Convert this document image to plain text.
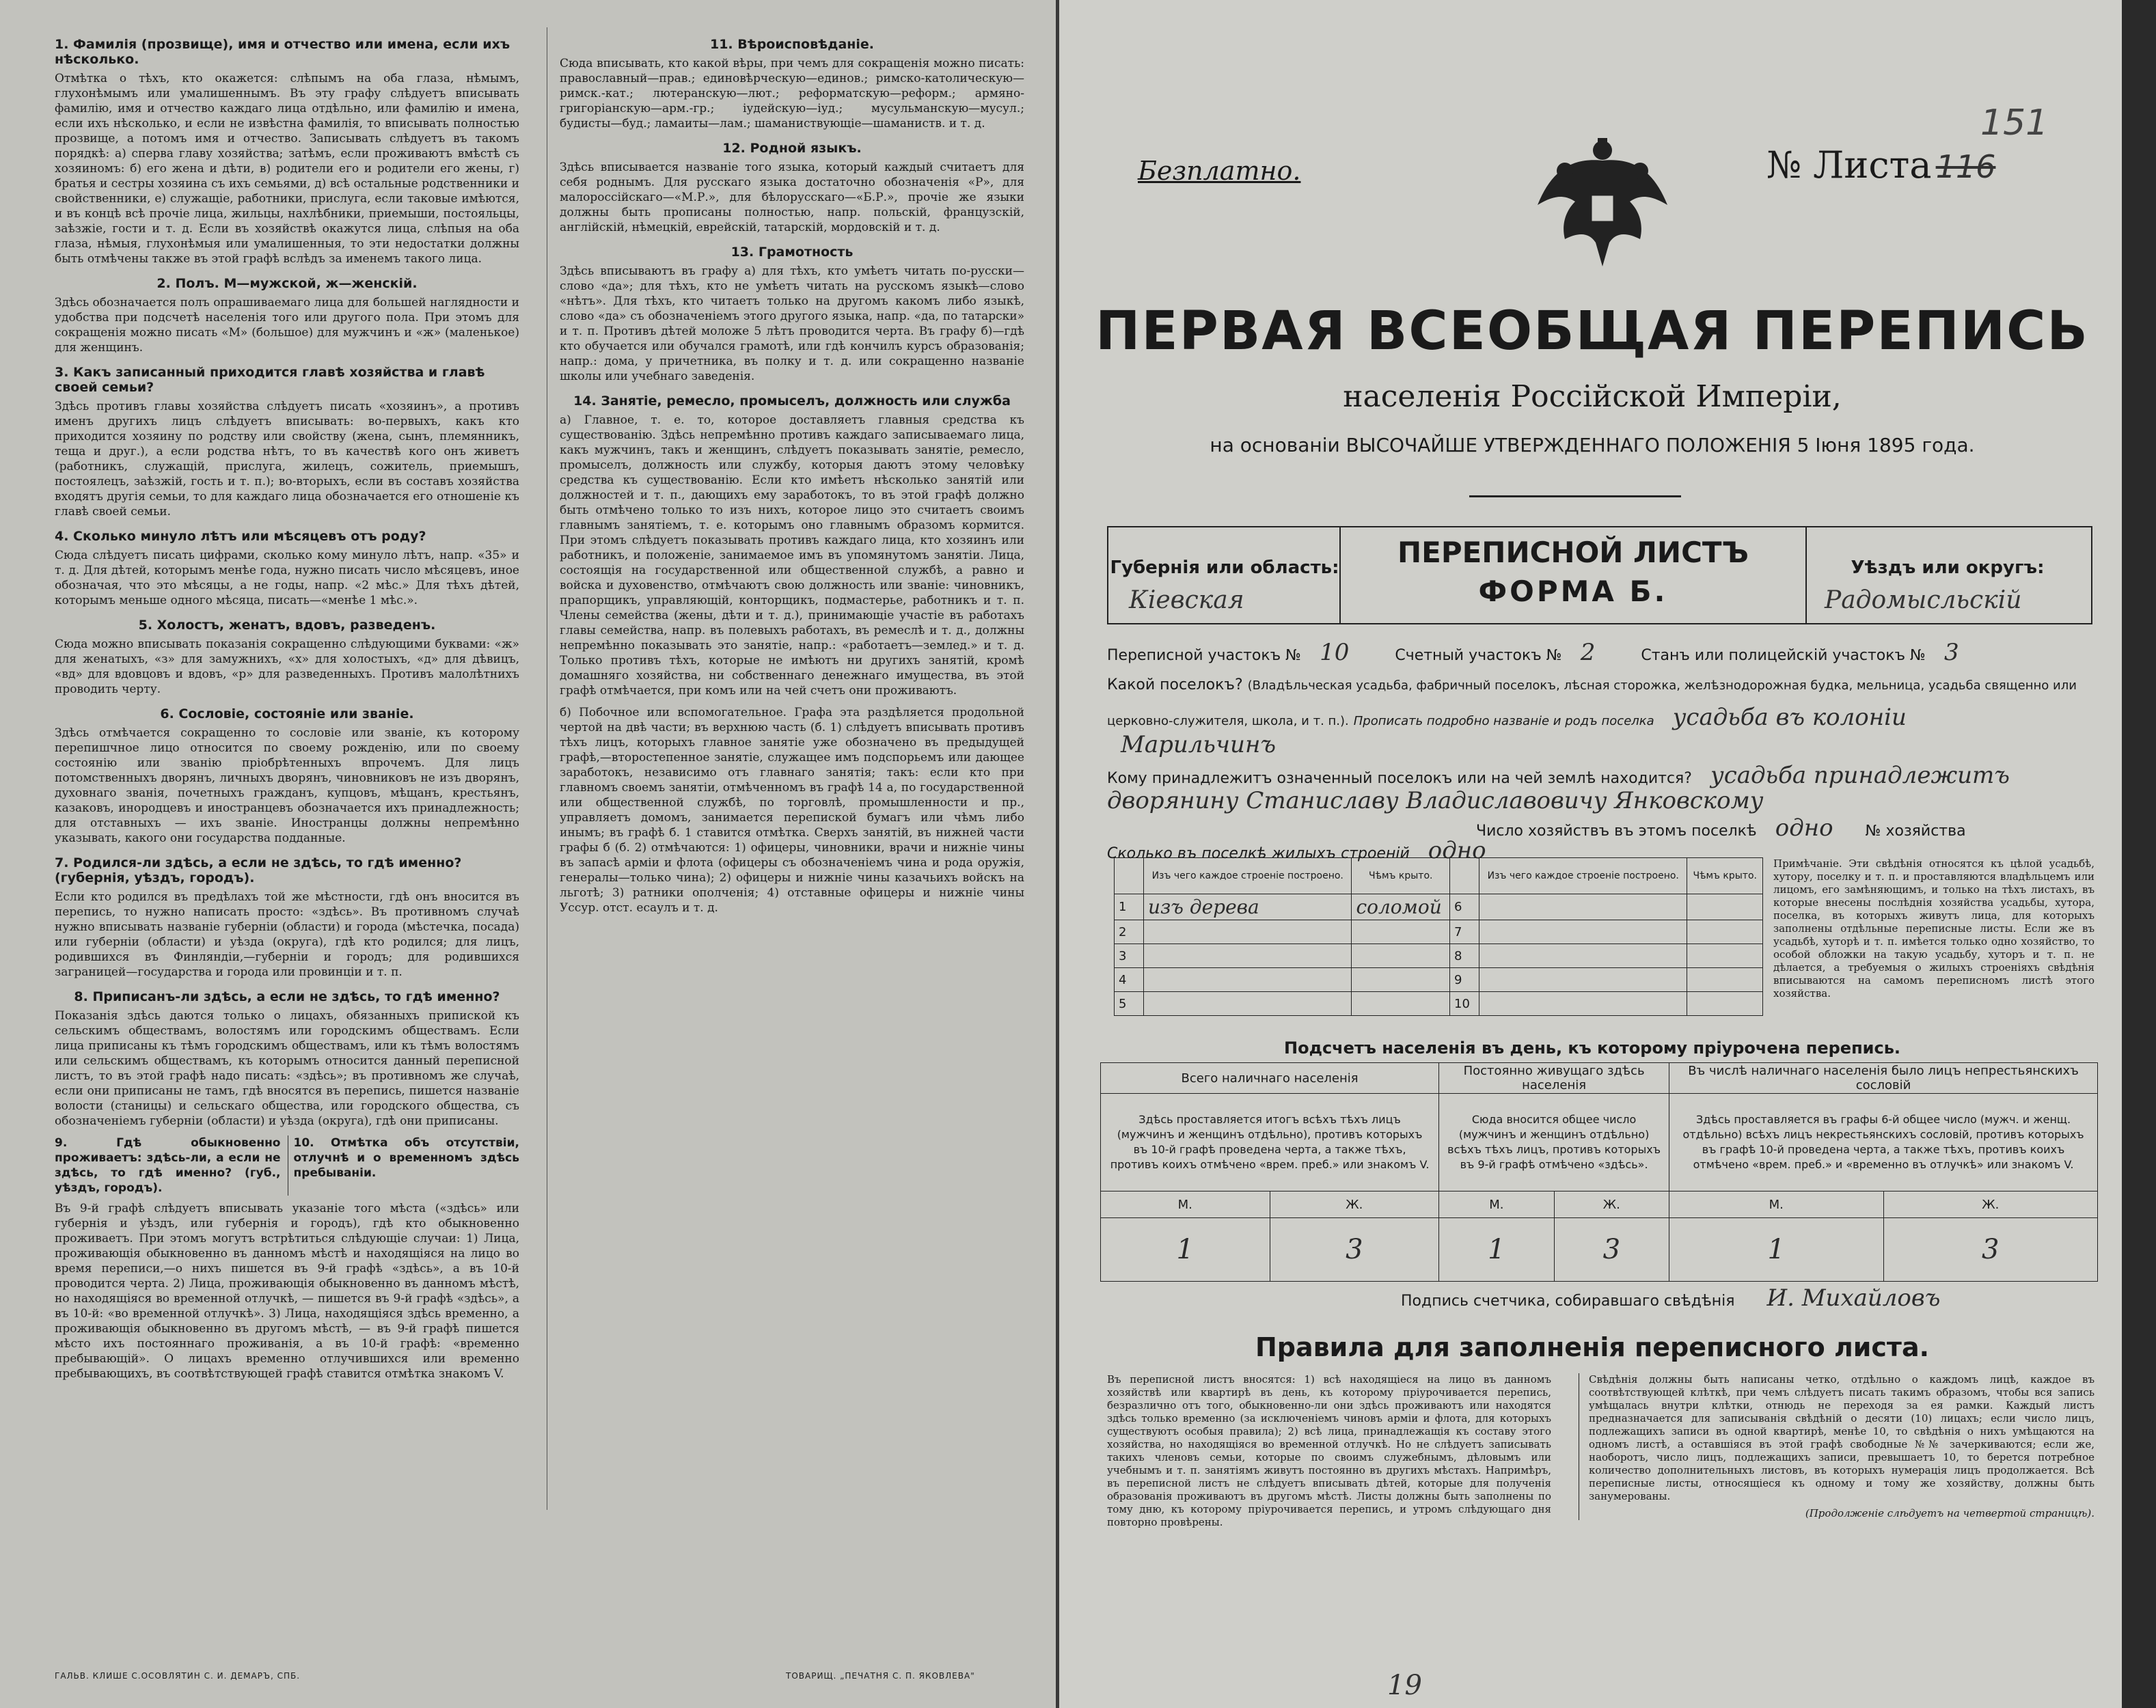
1. Фамилія (прозвище), имя и отчество или имена, если ихъ нѣсколько.

Отмѣтка о тѣхъ, кто окажется: слѣпымъ на оба глаза, нѣмымъ, глухонѣмымъ или умалишеннымъ. Въ эту графу слѣдуетъ вписывать фамилію, имя и отчество каждаго лица отдѣльно, или фамилію и имена, если ихъ нѣсколько, и если не извѣстна фамилія, то вписывать полностью прозвище, а потомъ имя и отчество. Записывать слѣдуетъ въ такомъ порядкѣ: а) сперва главу хозяйства; затѣмъ, если проживаютъ вмѣстѣ съ хозяиномъ: б) его жена и дѣти, в) родители его и родители его жены, г) братья и сестры хозяина съ ихъ семьями, д) всѣ остальные родственники и свойственники, е) служащіе, работники, прислуга, если таковые имѣются, и въ концѣ всѣ прочіе лица, жильцы, нахлѣбники, приемыши, постояльцы, заѣзжіе, гости и т. д. Если въ хозяйствѣ окажутся лица, слѣпыя на оба глаза, нѣмыя, глухонѣмыя или умалишенныя, то эти недостатки должны быть отмѣчены также въ этой графѣ вслѣдъ за именемъ такого лица.

2. Полъ. М—мужской, ж—женскій.

Здѣсь обозначается полъ опрашиваемаго лица для большей наглядности и удобства при подсчетѣ населенія того или другого пола. При этомъ для сокращенія можно писать «М» (большое) для мужчинъ и «ж» (маленькое) для женщинъ.

3. Какъ записанный приходится главѣ хозяйства и главѣ своей семьи?

Здѣсь противъ главы хозяйства слѣдуетъ писать «хозяинъ», а противъ именъ другихъ лицъ слѣдуетъ вписывать: во-первыхъ, какъ кто приходится хозяину по родству или свойству (жена, сынъ, племянникъ, теща и друг.), а если родства нѣтъ, то въ качествѣ кого онъ живетъ (работникъ, служащій, прислуга, жилецъ, сожитель, приемышъ, постоялецъ, заѣзжій, гость и т. п.); во-вторыхъ, если въ составъ хозяйства входятъ другія семьи, то для каждаго лица обозначается его отношеніе къ главѣ своей семьи.

4. Сколько минуло лѣтъ или мѣсяцевъ отъ роду?

Сюда слѣдуетъ писать цифрами, сколько кому минуло лѣтъ, напр. «35» и т. д. Для дѣтей, которымъ менѣе года, нужно писать число мѣсяцевъ, иное обозначая, что это мѣсяцы, а не годы, напр. «2 мѣс.» Для тѣхъ дѣтей, которымъ меньше одного мѣсяца, писать—«менѣе 1 мѣс.».

5. Холостъ, женатъ, вдовъ, разведенъ.

Сюда можно вписывать показанія сокращенно слѣдующими буквами: «ж» для женатыхъ, «з» для замужнихъ, «х» для холостыхъ, «д» для дѣвицъ, «вд» для вдовцовъ и вдовъ, «р» для разведенныхъ. Противъ малолѣтнихъ проводить черту.

6. Сословіе, состояніе или званіе.

Здѣсь отмѣчается сокращенно то сословіе или званіе, къ которому перепишчное лицо относится по своему рожденію, или по своему состоянію или званію пріобрѣтенныхъ впрочемъ. Для лицъ потомственныхъ дворянъ, личныхъ дворянъ, чиновниковъ не изъ дворянъ, духовнаго званія, почетныхъ гражданъ, купцовъ, мѣщанъ, крестьянъ, казаковъ, инородцевъ и иностранцевъ обозначается ихъ принадлежность; для отставныхъ — ихъ званіе. Иностранцы должны непремѣнно указывать, какого они государства подданные.

7. Родился-ли здѣсь, а если не здѣсь, то гдѣ именно? (губернія, уѣздъ, городъ).

Если кто родился въ предѣлахъ той же мѣстности, гдѣ онъ вносится въ перепись, то нужно написать просто: «здѣсь». Въ противномъ случаѣ нужно вписывать названіе губерніи (области) и города (мѣстечка, посада) или губерніи (области) и уѣзда (округа), гдѣ кто родился; для лицъ, родившихся въ Финляндіи,—губерніи и городъ; для родившихся заграницей—государства и города или провинціи и т. п.

8. Приписанъ-ли здѣсь, а если не здѣсь, то гдѣ именно?

Показанія здѣсь даются только о лицахъ, обязанныхъ припиской къ сельскимъ обществамъ, волостямъ или городскимъ обществамъ. Если лица приписаны къ тѣмъ городскимъ обществамъ, или къ тѣмъ волостямъ или сельскимъ обществамъ, къ которымъ относится данный переписной листъ, то въ этой графѣ надо писать: «здѣсь»; въ противномъ же случаѣ, если они приписаны не тамъ, гдѣ вносятся въ перепись, пишется названіе волости (станицы) и сельскаго общества, или городского общества, съ обозначеніемъ губерніи (области) и уѣзда (округа), гдѣ они приписаны.

9. Гдѣ обыкновенно проживаетъ: здѣсь-ли, а если не здѣсь, то гдѣ именно? (губ., уѣздъ, городъ).
10. Отмѣтка объ отсутствіи, отлучнѣ и о временномъ здѣсь пребываніи.

Въ 9-й графѣ слѣдуетъ вписывать указаніе того мѣста («здѣсь» или губернія и уѣздъ, или губернія и городъ), гдѣ кто обыкновенно проживаетъ. При этомъ могутъ встрѣтиться слѣдующіе случаи: 1) Лица, проживающія обыкновенно въ данномъ мѣстѣ и находящіяся на лицо во время переписи,—о нихъ пишется въ 9-й графѣ «здѣсь», а въ 10-й проводится черта. 2) Лица, проживающія обыкновенно въ данномъ мѣстѣ, но находящіяся во временной отлучкѣ, — пишется въ 9-й графѣ «здѣсь», а въ 10-й: «во временной отлучкѣ». 3) Лица, находящіяся здѣсь временно, а проживающія обыкновенно въ другомъ мѣстѣ, — въ 9-й графѣ пишется мѣсто ихъ постояннаго проживанія, а въ 10-й графѣ: «временно пребывающій». О лицахъ временно отлучившихся или временно пребывающихъ, въ соотвѣтствующей графѣ ставится отмѣтка знакомъ V.

11. Вѣроисповѣданіе.

Сюда вписывать, кто какой вѣры, при чемъ для сокращенія можно писать: православный—прав.; единовѣрческую—единов.; римско-католическую—римск.-кат.; лютеранскую—лют.; реформатскую—реформ.; армяно-григоріанскую—арм.-гр.; іудейскую—іуд.; мусульманскую—мусул.; будисты—буд.; ламаиты—лам.; шаманиствующіе—шаманиств. и т. д.

12. Родной языкъ.

Здѣсь вписывается названіе того языка, который каждый считаетъ для себя роднымъ. Для русскаго языка достаточно обозначенія «Р», для малороссійскаго—«М.Р.», для бѣлорусскаго—«Б.Р.», прочіе же языки должны быть прописаны полностью, напр. польскій, французскій, англійскій, нѣмецкій, еврейскій, татарскій, мордовскій и т. д.

13. Грамотность

Здѣсь вписываютъ въ графу а) для тѣхъ, кто умѣетъ читать по-русски—слово «да»; для тѣхъ, кто не умѣетъ читать на русскомъ языкѣ—слово «нѣтъ». Для тѣхъ, кто читаетъ только на другомъ какомъ либо языкѣ, слово «да» съ обозначеніемъ этого другого языка, напр. «да, по татарски» и т. п. Противъ дѣтей моложе 5 лѣтъ проводится черта. Въ графу б)—гдѣ кто обучается или обучался грамотѣ, или гдѣ кончилъ курсъ образованія; напр.: дома, у причетника, въ полку и т. д. или сокращенно названіе школы или учебнаго заведенія.

14. Занятіе, ремесло, промыселъ, должность или служба

а) Главное, т. е. то, которое доставляетъ главныя средства къ существованію. Здѣсь непремѣнно противъ каждаго записываемаго лица, какъ мужчинъ, такъ и женщинъ, слѣдуетъ показывать занятіе, ремесло, промыселъ, должность или службу, которыя даютъ этому человѣку средства къ существованію. Если кто имѣетъ нѣсколько занятій или должностей и т. п., дающихъ ему заработокъ, то въ этой графѣ должно быть отмѣчено только то изъ нихъ, которое лицо это считаетъ своимъ главнымъ занятіемъ, т. е. которымъ оно главнымъ образомъ кормится. При этомъ слѣдуетъ показывать противъ каждаго лица, кто хозяинъ или работникъ, и положеніе, занимаемое имъ въ упомянутомъ занятіи. Лица, состоящія на государственной или общественной службѣ, а равно и войска и духовенство, отмѣчаютъ свою должность или званіе: чиновникъ, прапорщикъ, управляющій, конторщикъ, подмастерье, работникъ и т. п. Члены семейства (жены, дѣти и т. д.), принимающіе участіе въ работахъ главы семейства, напр. въ полевыхъ работахъ, въ ремеслѣ и т. д., должны непремѣнно показывать это занятіе, напр.: «работаетъ—землед.» и т. д. Только противъ тѣхъ, которые не имѣютъ ни другихъ занятій, кромѣ домашняго хозяйства, ни собственнаго денежнаго имущества, въ этой графѣ отмѣчается, при комъ или на чей счетъ они проживаютъ.

б) Побочное или вспомогательное. Графа эта раздѣляется продольной чертой на двѣ части; въ верхнюю часть (б. 1) слѣдуетъ вписывать противъ тѣхъ лицъ, которыхъ главное занятіе уже обозначено въ предыдущей графѣ,—второстепенное занятіе, служащее имъ подспорьемъ или дающее заработокъ, независимо отъ главнаго занятія; такъ: если кто при главномъ своемъ занятіи, отмѣченномъ въ графѣ 14 а, по государственной или общественной службѣ, по торговлѣ, промышленности и пр., управляетъ домомъ, занимается перепиской бумагъ или чѣмъ либо инымъ; въ графѣ б. 1 ставится отмѣтка. Сверхъ занятій, въ нижней части графы б (б. 2) отмѣчаются: 1) офицеры, чиновники, врачи и нижніе чины въ запасѣ арміи и флота (офицеры съ обозначеніемъ чина и рода оружія, генералы—только чина); 2) офицеры и нижніе чины казачьихъ войскъ на льготѣ; 3) ратники ополченія; 4) отставные офицеры и нижніе чины Уссур. отст. есаулъ и т. д.

ГАЛЬВ. КЛИШЕ С.ОСОВЛЯТИН С. И. ДЕМАРЪ, СПБ.	ТОВАРИЩ. „ПЕЧАТНЯ С. П. ЯКОВЛЕВА"
Безплатно.	№ Листа 116
151
ПЕРВАЯ ВСЕОБЩАЯ ПЕРЕПИСЬ
населенія Россійской Имперіи,
на основаніи ВЫСОЧАЙШЕ УТВЕРЖДЕННАГО ПОЛОЖЕНІЯ 5 Іюня 1895 года.
Губернія или область:
Кіевская
ПЕРЕПИСНОЙ ЛИСТЪ
ФОРМА Б.
Уѣздъ или округъ:
Радомысльскій
Переписной участокъ № 10	Счетный участокъ № 2	Станъ или полицейскій участокъ № 3
Какой поселокъ? (Владѣльческая усадьба, фабричный поселокъ, лѣсная сторожка, желѣзнодорожная будка, мельница, усадьба священно или
церковно-служителя, школа, и т. п.). Прописать подробно названіе и родъ поселка усадьба въ колоніи
Марильчинъ
Кому принадлежитъ означенный поселокъ или на чей землѣ находится? усадьба принадлежитъ
дворянину Станиславу Владиславовичу Янковскому
Число хозяйствъ въ этомъ поселкѣ одно № хозяйства
Сколько въ поселкѣ жилыхъ строеній одно
	Изъ чего каждое строеніе построено.	Чѣмъ крыто.		Изъ чего каждое строеніе построено.	Чѣмъ крыто.
1	изъ дерева	соломой	6		
2			7		
3			8		
4			9		
5			10		
Примѣчаніе. Эти свѣдѣнія относятся къ цѣлой усадьбѣ, хутору, поселку и т. п. и проставляются владѣльцемъ или лицомъ, его замѣняющимъ, и только на тѣхъ листахъ, въ которые внесены послѣднія хозяйства усадьбы, хутора, поселка, въ которыхъ живутъ лица, для которыхъ заполнены отдѣльные переписные листы. Если же въ усадьбѣ, хуторѣ и т. п. имѣется только одно хозяйство, то особой обложки на такую усадьбу, хуторъ и т. п. не дѣлается, а требуемыя о жилыхъ строеніяхъ свѣдѣнія вписываются на самомъ переписномъ листѣ этого хозяйства.
Подсчетъ населенія въ день, къ которому пріурочена перепись.
Всего наличнаго населенія		Постоянно живущаго здѣсь населенія		Въ числѣ наличнаго населенія было лицъ непрестьянскихъ сословій	
Здѣсь проставляется итогъ всѣхъ тѣхъ лицъ (мужчинъ и женщинъ отдѣльно), противъ которыхъ въ 10-й графѣ проведена черта, а также тѣхъ, противъ коихъ отмѣчено «врем. преб.» или знакомъ V.		Сюда вносится общее число (мужчинъ и женщинъ отдѣльно) всѣхъ тѣхъ лицъ, противъ которыхъ въ 9-й графѣ отмѣчено «здѣсь».		Здѣсь проставляется въ графы 6-й общее число (мужч. и женщ. отдѣльно) всѣхъ лицъ некрестьянскихъ сословій, противъ которыхъ въ графѣ 10-й проведена черта, а также тѣхъ, противъ коихъ отмѣчено «врем. преб.» и «временно въ отлучкѣ» или знакомъ V.	
М.	Ж.	М.	Ж.	М.	Ж.
1	3	1	3	1	3
Подпись счетчика, собиравшаго свѣдѣнія И. Михайловъ
Правила для заполненія переписного листа.
Въ переписной листъ вносятся: 1) всѣ находящіеся на лицо въ данномъ хозяйствѣ или квартирѣ въ день, къ которому пріурочивается перепись, безразлично отъ того, обыкновенно-ли они здѣсь проживаютъ или находятся здѣсь только временно (за исключеніемъ чиновъ арміи и флота, для которыхъ существуютъ особыя правила); 2) всѣ лица, принадлежащія къ составу этого хозяйства, но находящіяся во временной отлучкѣ. Но не слѣдуетъ записывать такихъ членовъ семьи, которые по своимъ служебнымъ, дѣловымъ или учебнымъ и т. п. занятіямъ живутъ постоянно въ другихъ мѣстахъ. Напримѣръ, въ переписной листъ не слѣдуетъ вписывать дѣтей, которые для полученія образованія проживаютъ въ другомъ мѣстѣ. Листы должны быть заполнены по тому дню, къ которому пріурочивается перепись, и утромъ слѣдующаго дня повторно провѣрены.
Свѣдѣнія должны быть написаны четко, отдѣльно о каждомъ лицѣ, каждое въ соотвѣтствующей клѣткѣ, при чемъ слѣдуетъ писать такимъ образомъ, чтобы вся запись умѣщалась внутри клѣтки, отнюдь не переходя за ея рамки. Каждый листъ предназначается для записыванія свѣдѣній о десяти (10) лицахъ; если число лицъ, подлежащихъ записи въ одной квартирѣ, менѣе 10, то свѣдѣнія о нихъ умѣщаются на одномъ листѣ, а оставшіяся въ этой графѣ свободные №№ зачеркиваются; если же, наоборотъ, число лицъ, подлежащихъ записи, превышаетъ 10, то берется потребное количество дополнительныхъ листовъ, въ которыхъ нумерація лицъ продолжается. Всѣ переписные листы, относящіеся къ одному и тому же хозяйству, должны быть занумерованы.
(Продолженіе слѣдуетъ на четвертой страницѣ).
19
